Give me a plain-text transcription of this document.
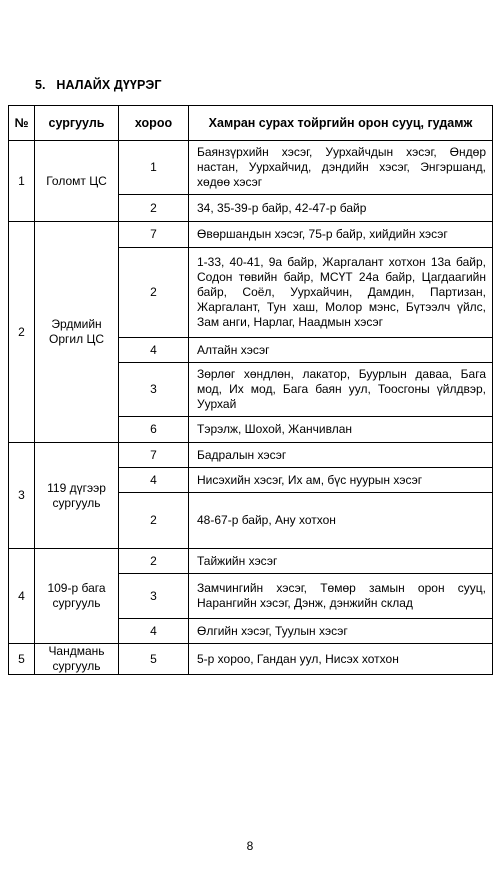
5. НАЛАЙХ ДҮҮРЭГ
№	сургууль	хороо	Хамран сурах тойргийн орон сууц, гудамж
1	Голомт ЦС	1	Баянзүрхийн хэсэг, Уурхайчдын хэсэг, Өндөр настан, Уурхайчид, дэндийн хэсэг, Энгэршанд, хөдөө хэсэг
		2	34, 35-39-р байр, 42-47-р байр
2	Эрдмийн Оргил ЦС	7	Өвөршандын хэсэг, 75-р байр, хийдийн хэсэг
		2	1-33, 40-41, 9а байр, Жаргалант хотхон 13а байр, Содон төвийн байр, МСҮТ 24а байр, Цагдаагийн байр, Соёл, Уурхайчин, Дамдин, Партизан, Жаргалант, Тун хаш, Молор мэнс, Бүтээлч үйлс, Зам анги, Нарлаг, Наадмын хэсэг
		4	Алтайн хэсэг
		3	Зөрлөг хөндлөн, лакатор, Буурлын даваа, Бага мод, Их мод, Бага баян уул, Тоосгоны үйлдвэр, Уурхай
		6	Тэрэлж, Шохой, Жанчивлан
3	119 дүгээр сургууль	7	Бадралын хэсэг
		4	Нисэхийн хэсэг, Их ам, бүс нуурын хэсэг
		2	48-67-р байр, Ану хотхон
4	109-р бага сургууль	2	Тайжийн хэсэг
		3	Замчингийн хэсэг, Төмөр замын орон сууц, Нарангийн хэсэг, Дэнж, дэнжийн склад
		4	Өлгийн хэсэг, Туулын хэсэг
5	Чандмань сургууль	5	5-р хороо, Гандан уул, Нисэх хотхон
8
